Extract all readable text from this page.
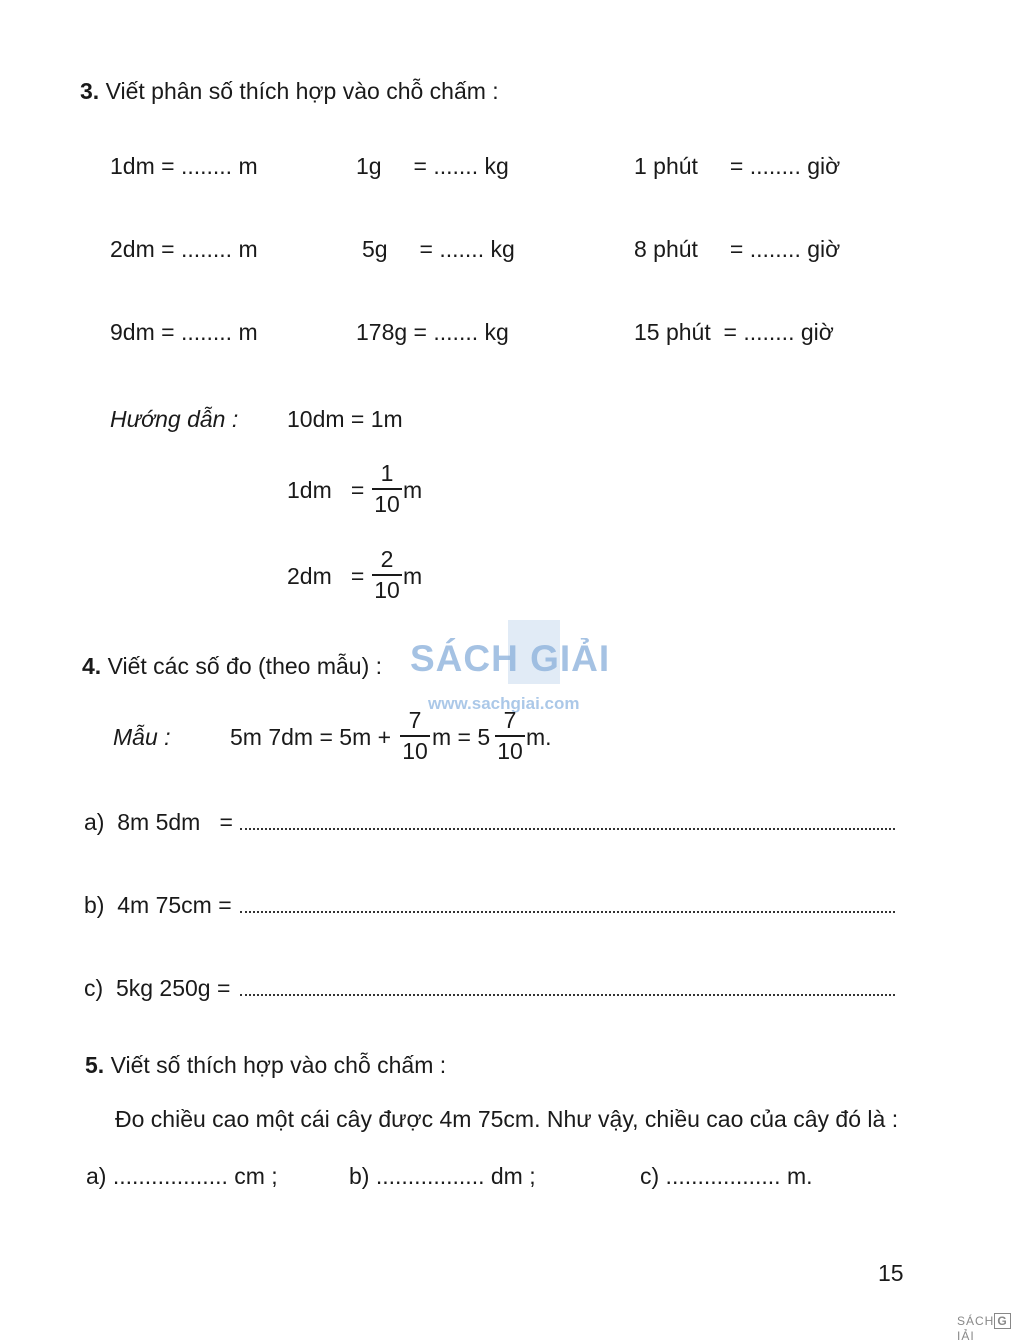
3. Viết phân số thích hợp vào chỗ chấm :
1dm = ........ m	1g     = ....... kg	1 phút     = ........ giờ
2dm = ........ m	5g     = ....... kg	8 phút     = ........ giờ
9dm = ........ m	178g = ....... kg	15 phút  = ........ giờ
Hướng dẫn : 10dm = 1m
1dm   =
1
10
m
2dm   =
2
10
m
SÁCH GIẢI
www.sachgiai.com
4. Viết các số đo (theo mẫu) :
Mẫu :	5m 7dm = 5m +
7
10
m = 5
7
10
m.
a)  8m 5dm   =
b)  4m 75cm =
c)  5kg 250g =
5. Viết số thích hợp vào chỗ chấm :
Đo chiều cao một cái cây được 4m 75cm. Như vậy, chiều cao của cây đó là :
a) .................. cm ;	b) ................. dm ;	c) .................. m.
15
SÁCH GIẢI
